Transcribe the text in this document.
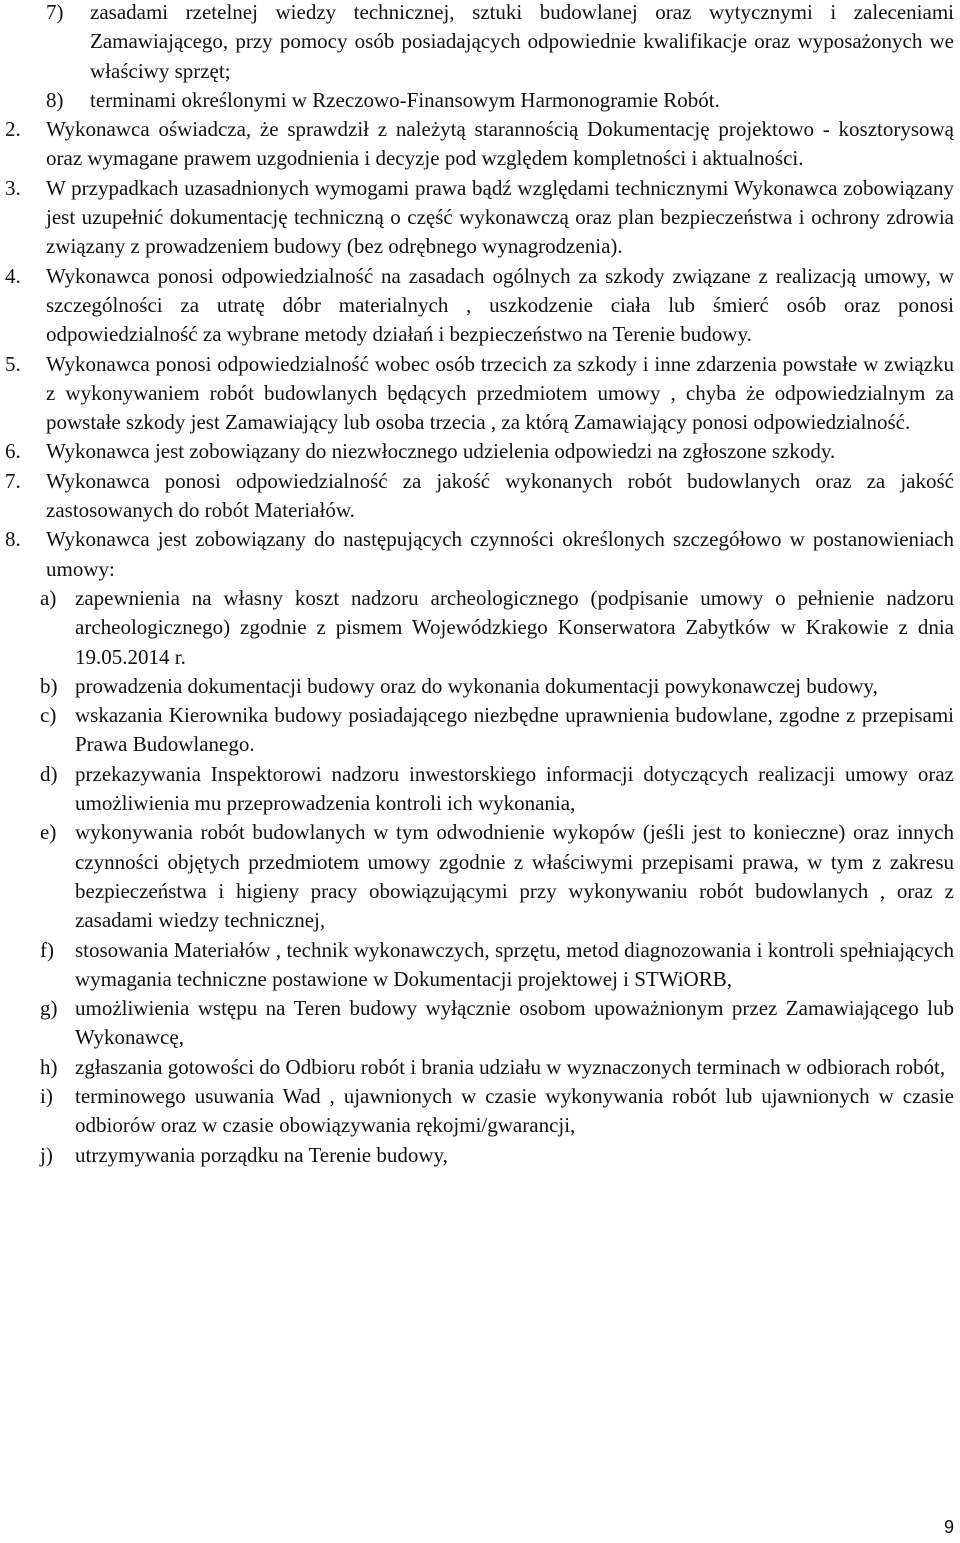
7)	zasadami rzetelnej wiedzy technicznej, sztuki budowlanej oraz wytycznymi i zaleceniami Zamawiającego, przy pomocy osób posiadających odpowiednie kwalifikacje oraz wyposażonych we właściwy sprzęt;
8)	terminami określonymi w Rzeczowo-Finansowym Harmonogramie Robót.
2.	Wykonawca oświadcza, że sprawdził z należytą starannością Dokumentację projektowo - kosztorysową oraz wymagane prawem uzgodnienia i decyzje pod względem kompletności i aktualności.
3.	W przypadkach uzasadnionych wymogami prawa bądź względami technicznymi Wykonawca zobowiązany jest uzupełnić dokumentację techniczną o część wykonawczą oraz plan bezpieczeństwa i ochrony zdrowia związany z prowadzeniem budowy (bez odrębnego wynagrodzenia).
4.	Wykonawca ponosi odpowiedzialność na zasadach ogólnych za szkody związane z realizacją umowy, w szczególności za utratę dóbr materialnych , uszkodzenie ciała lub śmierć osób oraz ponosi odpowiedzialność za wybrane metody działań i bezpieczeństwo na Terenie budowy.
5.	Wykonawca ponosi odpowiedzialność wobec osób trzecich za szkody i inne zdarzenia powstałe w związku z wykonywaniem robót budowlanych będących przedmiotem umowy , chyba że odpowiedzialnym za powstałe szkody jest Zamawiający lub osoba trzecia , za którą Zamawiający ponosi odpowiedzialność.
6.	Wykonawca jest zobowiązany do niezwłocznego udzielenia odpowiedzi na zgłoszone szkody.
7.	Wykonawca ponosi odpowiedzialność za jakość wykonanych robót budowlanych oraz za jakość zastosowanych do robót Materiałów.
8.	Wykonawca jest zobowiązany do następujących czynności określonych szczegółowo w postanowieniach umowy:
a) zapewnienia na własny koszt nadzoru archeologicznego (podpisanie umowy o pełnienie nadzoru archeologicznego) zgodnie z pismem Wojewódzkiego Konserwatora Zabytków w Krakowie z dnia 19.05.2014 r.
b) prowadzenia dokumentacji budowy oraz do wykonania dokumentacji powykonawczej budowy,
c) wskazania Kierownika budowy posiadającego niezbędne uprawnienia budowlane, zgodne z przepisami Prawa Budowlanego.
d) przekazywania Inspektorowi nadzoru inwestorskiego informacji dotyczących realizacji umowy oraz umożliwienia mu przeprowadzenia kontroli ich wykonania,
e) wykonywania robót budowlanych w tym odwodnienie wykopów (jeśli jest to konieczne) oraz innych czynności objętych przedmiotem umowy zgodnie z właściwymi przepisami prawa, w tym z zakresu bezpieczeństwa i higieny pracy obowiązującymi przy wykonywaniu robót budowlanych , oraz z zasadami wiedzy technicznej,
f)	stosowania Materiałów , technik wykonawczych, sprzętu, metod diagnozowania i kontroli spełniających wymagania techniczne postawione w Dokumentacji projektowej i STWiORB,
g) umożliwienia wstępu na Teren budowy wyłącznie osobom upoważnionym przez Zamawiającego lub Wykonawcę,
h) zgłaszania gotowości do Odbioru robót i brania udziału w wyznaczonych terminach w odbiorach robót,
i)	terminowego usuwania Wad , ujawnionych w czasie wykonywania robót lub ujawnionych w czasie odbiorów oraz w czasie obowiązywania rękojmi/gwarancji,
j)	utrzymywania porządku na Terenie budowy,
9
